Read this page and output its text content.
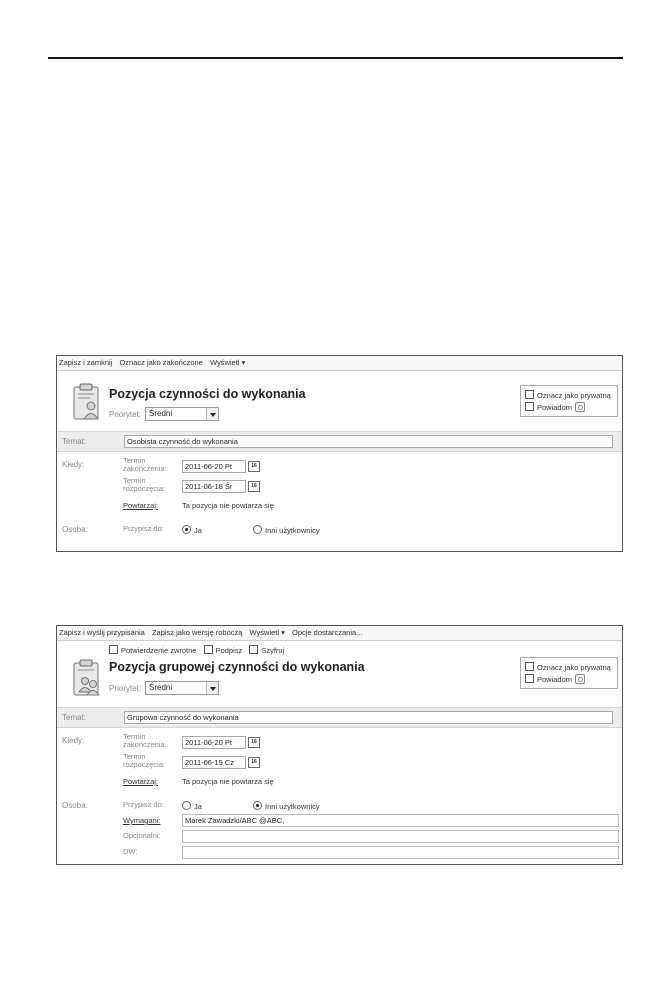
Zapisz i zamknij Oznacz jako zakończone Wyświetl ▾
Pozycja czynności do wykonania
Priorytet: Średni
Oznacz jako prywatną
Powiadom
Temat:	Osobista czynność do wykonania
Kiedy:	Termin zakończenia:	2011-06-20 Pt	16
Termin rozpoczęcia:	2011-06-18 Śr	16
Powtarzaj:	Ta pozycja nie powtarza się
Osoba:	Przypisz do:	Ja	Inni użytkownicy
Zapisz i wyślij przypisania Zapisz jako wersję roboczą Wyświetl ▾ Opcje dostarczania...
Potwierdzenie zwrotne	Podpisz	Szyfruj
Pozycja grupowej czynności do wykonania
Priorytet: Średni
Oznacz jako prywatną
Powiadom
Temat:	Grupowa czynność do wykonania
Kiedy:	Termin zakończenia:	2011-06-20 Pt	16
Termin rozpoczęcia:	2011-06-19 Cz	16
Powtarzaj:	Ta pozycja nie powtarza się
Osoba:	Przypisz do:	Ja	Inni użytkownicy
Wymagani:	Marek Zawadzki/ABC @ABC,
Opcjonalni:
DW:
